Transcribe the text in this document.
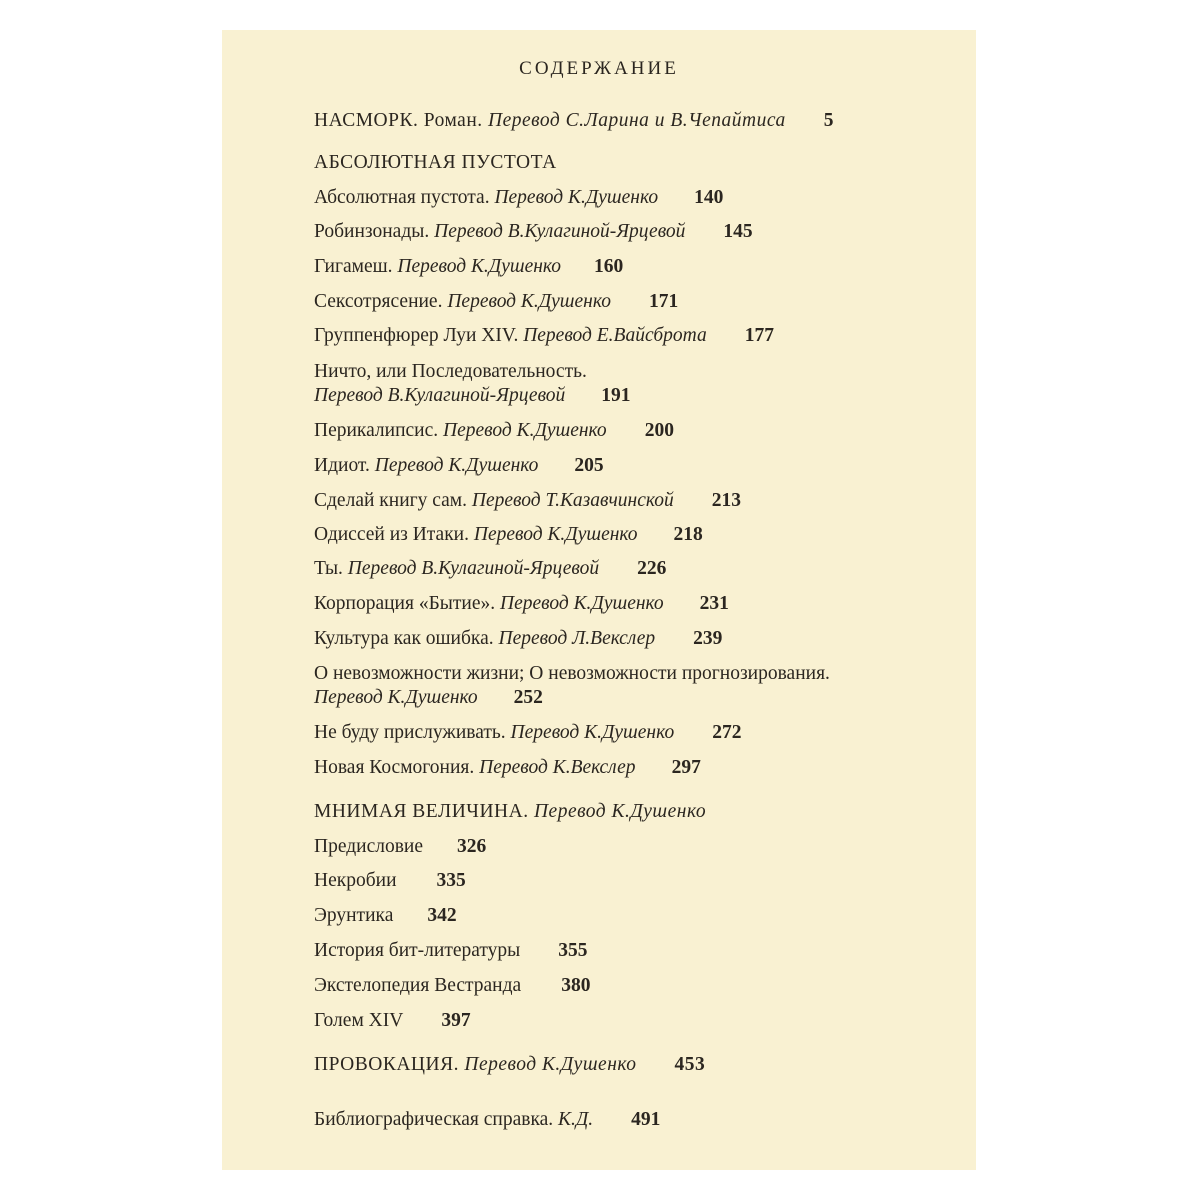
СОДЕРЖАНИЕ
НАСМОРК. Роман. Перевод С.Ларина и В.Чепайтиса 5
АБСОЛЮТНАЯ ПУСТОТА
Абсолютная пустота. Перевод К.Душенко 140
Робинзонады. Перевод В.Кулагиной-Ярцевой 145
Гигамеш. Перевод К.Душенко 160
Сексотрясение. Перевод К.Душенко 171
Группенфюрер Луи XIV. Перевод Е.Вайсброта 177
Ничто, или Последовательность.
Перевод В.Кулагиной-Ярцевой 191
Перикалипсис. Перевод К.Душенко 200
Идиот. Перевод К.Душенко 205
Сделай книгу сам. Перевод Т.Казавчинской 213
Одиссей из Итаки. Перевод К.Душенко 218
Ты. Перевод В.Кулагиной-Ярцевой 226
Корпорация «Бытие». Перевод К.Душенко 231
Культура как ошибка. Перевод Л.Векслер 239
О невозможности жизни; О невозможности прогнозирования.
Перевод К.Душенко 252
Не буду прислуживать. Перевод К.Душенко 272
Новая Космогония. Перевод К.Векслер 297
МНИМАЯ ВЕЛИЧИНА. Перевод К.Душенко
Предисловие 326
Некробии 335
Эрунтика 342
История бит-литературы 355
Экстелопедия Вестранда 380
Голем XIV 397
ПРОВОКАЦИЯ. Перевод К.Душенко 453
Библиографическая справка. К.Д. 491
